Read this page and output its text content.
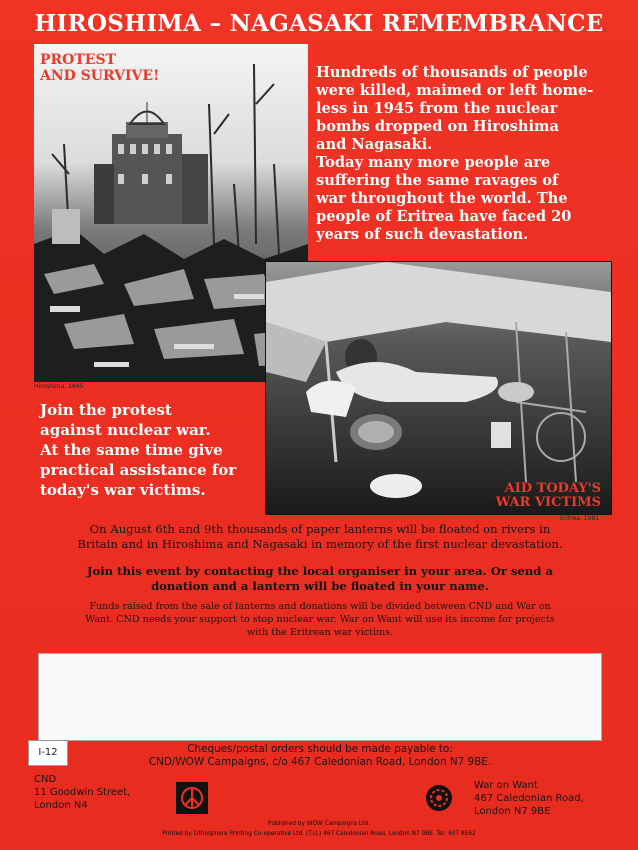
HIROSHIMA – NAGASAKI REMEMBRANCE
PROTEST
AND SURVIVE!
Hiroshima, 1945
Hundreds of thousands of people
were killed, maimed or left home-
less in 1945 from the nuclear
bombs dropped on Hiroshima
and Nagasaki.
Today many more people are
suffering the same ravages of
war throughout the world. The
people of Eritrea have faced 20
years of such devastation.
AID TODAY'S
WAR VICTIMS
Eritrea, 1981
Join the protest
against nuclear war.
At the same time give
practical assistance for
today's war victims.
On August 6th and 9th thousands of paper lanterns will be floated on rivers in
Britain and in Hiroshima and Nagasaki in memory of the first nuclear devastation.
Join this event by contacting the local organiser in your area. Or send a
donation and a lantern will be floated in your name.
Funds raised from the sale of lanterns and donations will be divided between CND and War on
Want. CND needs your support to stop nuclear war. War on Want will use its income for projects
with the Eritrean war victims.
I-12	Cheques/postal orders should be made payable to:
CND/WOW Campaigns, c/o 467 Caledonian Road, London N7 9BE.
CND
11 Goodwin Street,
London N4
War on Want
467 Caledonian Road,
London N7 9BE
Published by WOW Campaigns Ltd.
Printed by Lithosphere Printing Co-operative Ltd. (T.U.) 467 Caledonian Road, London N7 9BE. Tel: 607 8562
